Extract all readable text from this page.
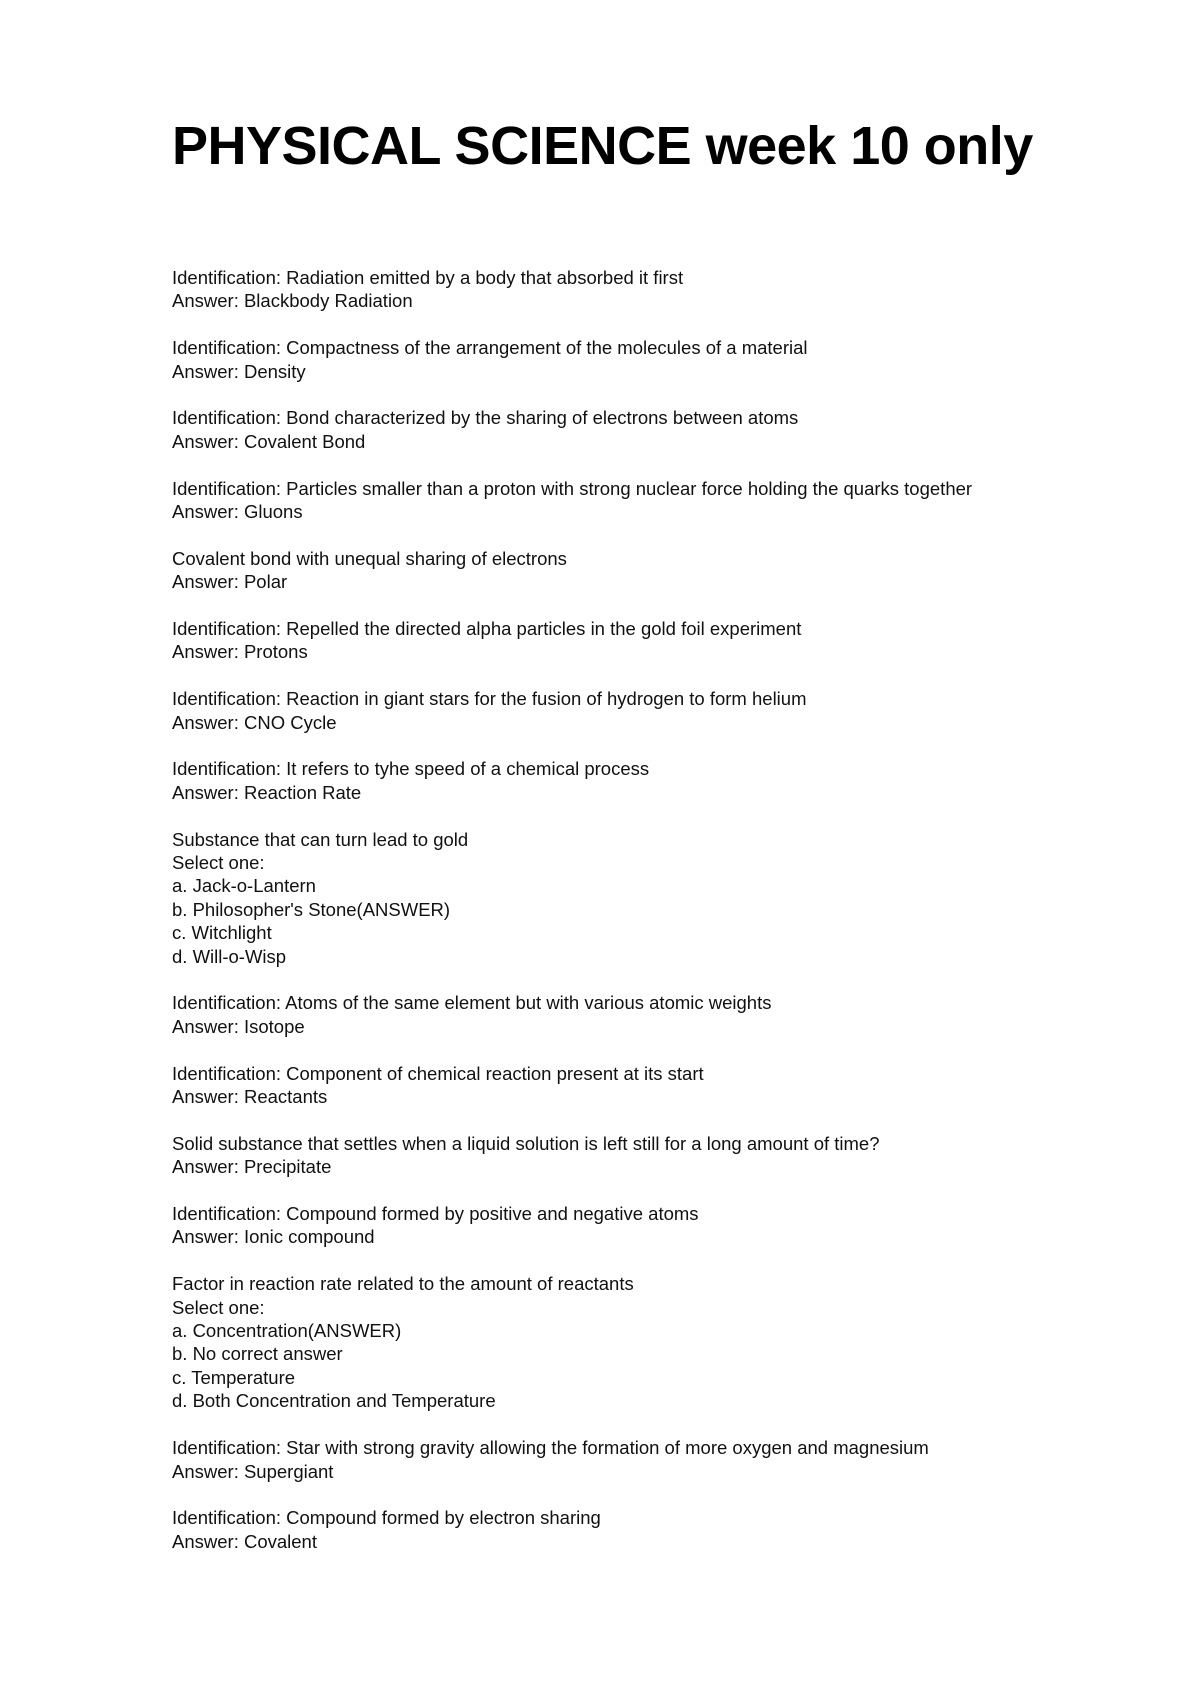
PHYSICAL SCIENCE week 10 only
Identification: Radiation emitted by a body that absorbed it first
Answer: Blackbody Radiation
Identification: Compactness of the arrangement of the molecules of a material
Answer: Density
Identification: Bond characterized by the sharing of electrons between atoms
Answer: Covalent Bond
Identification: Particles smaller than a proton with strong nuclear force holding the quarks together
Answer: Gluons
Covalent bond with unequal sharing of electrons
Answer: Polar
Identification: Repelled the directed alpha particles in the gold foil experiment
Answer: Protons
Identification: Reaction in giant stars for the fusion of hydrogen to form helium
Answer: CNO Cycle
Identification: It refers to tyhe speed of a chemical process
Answer: Reaction Rate
Substance that can turn lead to gold
Select one:
a. Jack-o-Lantern
b. Philosopher's Stone(ANSWER)
c. Witchlight
d. Will-o-Wisp
Identification: Atoms of the same element but with various atomic weights
Answer: Isotope
Identification: Component of chemical reaction present at its start
Answer: Reactants
Solid substance that settles when a liquid solution is left still for a long amount of time?
Answer: Precipitate
Identification: Compound formed by positive and negative atoms
Answer: Ionic compound
Factor in reaction rate related to the amount of reactants
Select one:
a. Concentration(ANSWER)
b. No correct answer
c. Temperature
d. Both Concentration and Temperature
Identification: Star with strong gravity allowing the formation of more oxygen and magnesium
Answer: Supergiant
Identification: Compound formed by electron sharing
Answer: Covalent
